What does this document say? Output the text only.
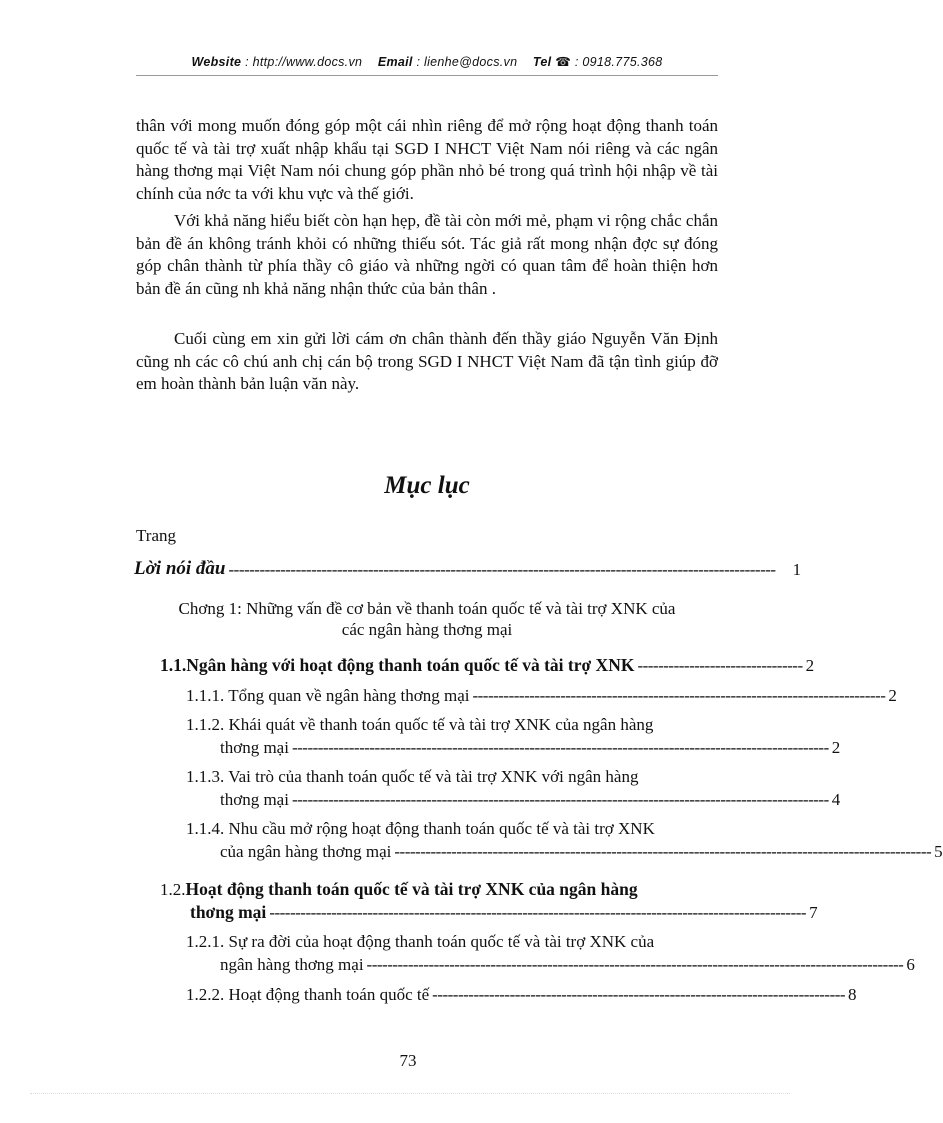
Website : http://www.docs.vn Email : lienhe@docs.vn Tel ☎ : 0918.775.368
thân với mong muốn đóng góp một cái nhìn riêng để mở rộng hoạt động thanh toán quốc tế và tài trợ xuất nhập khẩu tại SGD I NHCT Việt Nam nói riêng và các ngân hàng thơng mại Việt Nam nói chung góp phần nhỏ bé trong quá trình hội nhập về tài chính của nớc ta với khu vực và thế giới.
Với khả năng hiểu biết còn hạn hẹp, đề tài còn mới mẻ, phạm vi rộng chắc chắn bản đề án không tránh khỏi có những thiếu sót. Tác giả rất mong nhận đợc sự đóng góp chân thành từ phía thầy cô giáo và những ngời có quan tâm để hoàn thiện hơn bản đề án cũng nh khả năng nhận thức của bản thân .
Cuối cùng em xin gửi lời cám ơn chân thành đến thầy giáo Nguyễn Văn Định cũng nh các cô chú anh chị cán bộ trong SGD I NHCT Việt Nam đã tận tình giúp đỡ em hoàn thành bản luận văn này.
Mục lục
Trang
Lời nói đầu ---------------------------------------------------------------------------------------------------------- 1
Chơng 1: Những vấn đề cơ bản về thanh toán quốc tế và tài trợ XNK của
các ngân hàng thơng mại
1.1.Ngân hàng với hoạt động thanh toán quốc tế và tài trợ XNK -------------------------------- 2
1.1.1. Tổng quan về ngân hàng thơng mại -------------------------------------------------------------------------------- 2
1.1.2. Khái quát về thanh toán quốc tế và tài trợ XNK của ngân hàng
thơng mại -------------------------------------------------------------------------------------------------------- 2
1.1.3. Vai trò của thanh toán quốc tế và tài trợ XNK với ngân hàng
thơng mại -------------------------------------------------------------------------------------------------------- 4
1.1.4. Nhu cầu mở rộng hoạt động thanh toán quốc tế và tài trợ XNK
của ngân hàng thơng mại -------------------------------------------------------------------------------------------------------- 5
1.2.Hoạt động thanh toán quốc tế và tài trợ XNK của ngân hàng
thơng mại -------------------------------------------------------------------------------------------------------- 7
1.2.1. Sự ra đời của hoạt động thanh toán quốc tế và tài trợ XNK của
ngân hàng thơng mại -------------------------------------------------------------------------------------------------------- 6
1.2.2. Hoạt động thanh toán quốc tế -------------------------------------------------------------------------------- 8
73
